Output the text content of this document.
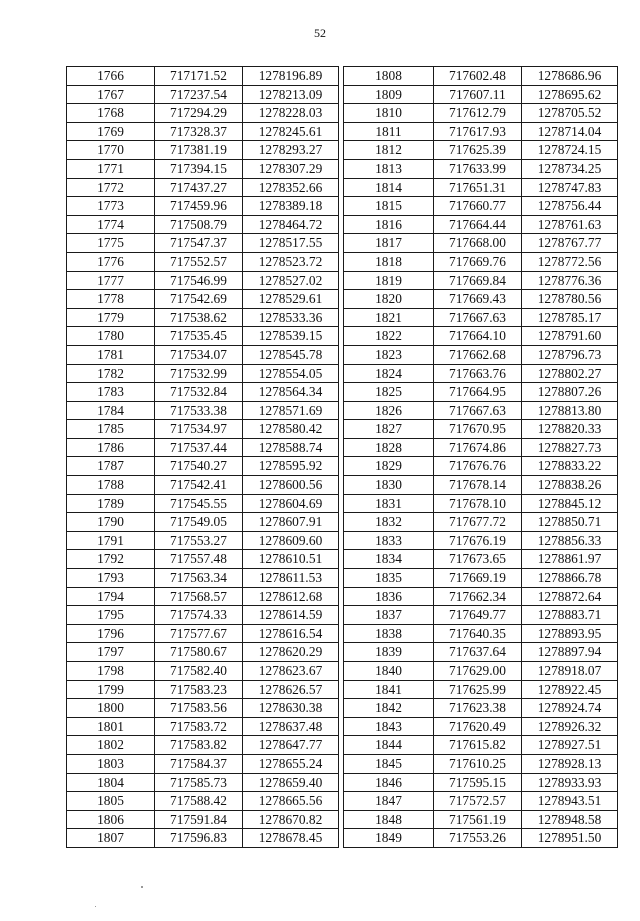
52
1766	717171.52	1278196.89
1767	717237.54	1278213.09
1768	717294.29	1278228.03
1769	717328.37	1278245.61
1770	717381.19	1278293.27
1771	717394.15	1278307.29
1772	717437.27	1278352.66
1773	717459.96	1278389.18
1774	717508.79	1278464.72
1775	717547.37	1278517.55
1776	717552.57	1278523.72
1777	717546.99	1278527.02
1778	717542.69	1278529.61
1779	717538.62	1278533.36
1780	717535.45	1278539.15
1781	717534.07	1278545.78
1782	717532.99	1278554.05
1783	717532.84	1278564.34
1784	717533.38	1278571.69
1785	717534.97	1278580.42
1786	717537.44	1278588.74
1787	717540.27	1278595.92
1788	717542.41	1278600.56
1789	717545.55	1278604.69
1790	717549.05	1278607.91
1791	717553.27	1278609.60
1792	717557.48	1278610.51
1793	717563.34	1278611.53
1794	717568.57	1278612.68
1795	717574.33	1278614.59
1796	717577.67	1278616.54
1797	717580.67	1278620.29
1798	717582.40	1278623.67
1799	717583.23	1278626.57
1800	717583.56	1278630.38
1801	717583.72	1278637.48
1802	717583.82	1278647.77
1803	717584.37	1278655.24
1804	717585.73	1278659.40
1805	717588.42	1278665.56
1806	717591.84	1278670.82
1807	717596.83	1278678.45
1808	717602.48	1278686.96
1809	717607.11	1278695.62
1810	717612.79	1278705.52
1811	717617.93	1278714.04
1812	717625.39	1278724.15
1813	717633.99	1278734.25
1814	717651.31	1278747.83
1815	717660.77	1278756.44
1816	717664.44	1278761.63
1817	717668.00	1278767.77
1818	717669.76	1278772.56
1819	717669.84	1278776.36
1820	717669.43	1278780.56
1821	717667.63	1278785.17
1822	717664.10	1278791.60
1823	717662.68	1278796.73
1824	717663.76	1278802.27
1825	717664.95	1278807.26
1826	717667.63	1278813.80
1827	717670.95	1278820.33
1828	717674.86	1278827.73
1829	717676.76	1278833.22
1830	717678.14	1278838.26
1831	717678.10	1278845.12
1832	717677.72	1278850.71
1833	717676.19	1278856.33
1834	717673.65	1278861.97
1835	717669.19	1278866.78
1836	717662.34	1278872.64
1837	717649.77	1278883.71
1838	717640.35	1278893.95
1839	717637.64	1278897.94
1840	717629.00	1278918.07
1841	717625.99	1278922.45
1842	717623.38	1278924.74
1843	717620.49	1278926.32
1844	717615.82	1278927.51
1845	717610.25	1278928.13
1846	717595.15	1278933.93
1847	717572.57	1278943.51
1848	717561.19	1278948.58
1849	717553.26	1278951.50
